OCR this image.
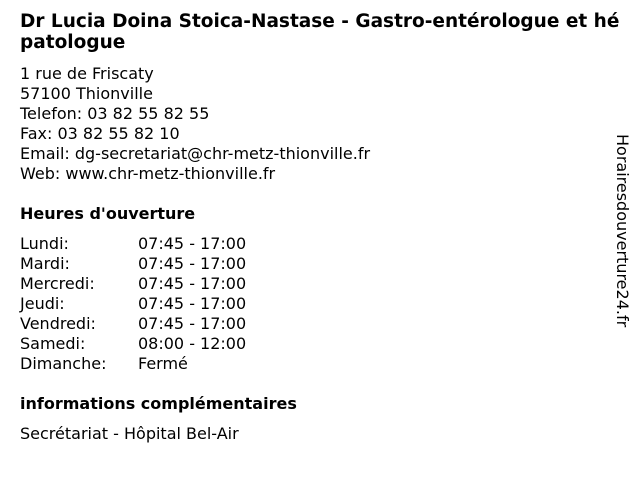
Dr Lucia Doina Stoica-Nastase - Gastro-entérologue et hépatologue
1 rue de Friscaty
57100 Thionville
Telefon: 03 82 55 82 55
Fax: 03 82 55 82 10
Email: dg-secretariat@chr-metz-thionville.fr
Web: www.chr-metz-thionville.fr
Heures d'ouverture
Lundi:	07:45 - 17:00
Mardi:	07:45 - 17:00
Mercredi:	07:45 - 17:00
Jeudi:	07:45 - 17:00
Vendredi:	07:45 - 17:00
Samedi:	08:00 - 12:00
Dimanche:	Fermé
informations complémentaires
Secrétariat - Hôpital Bel-Air
Horairesdouverture24.fr
